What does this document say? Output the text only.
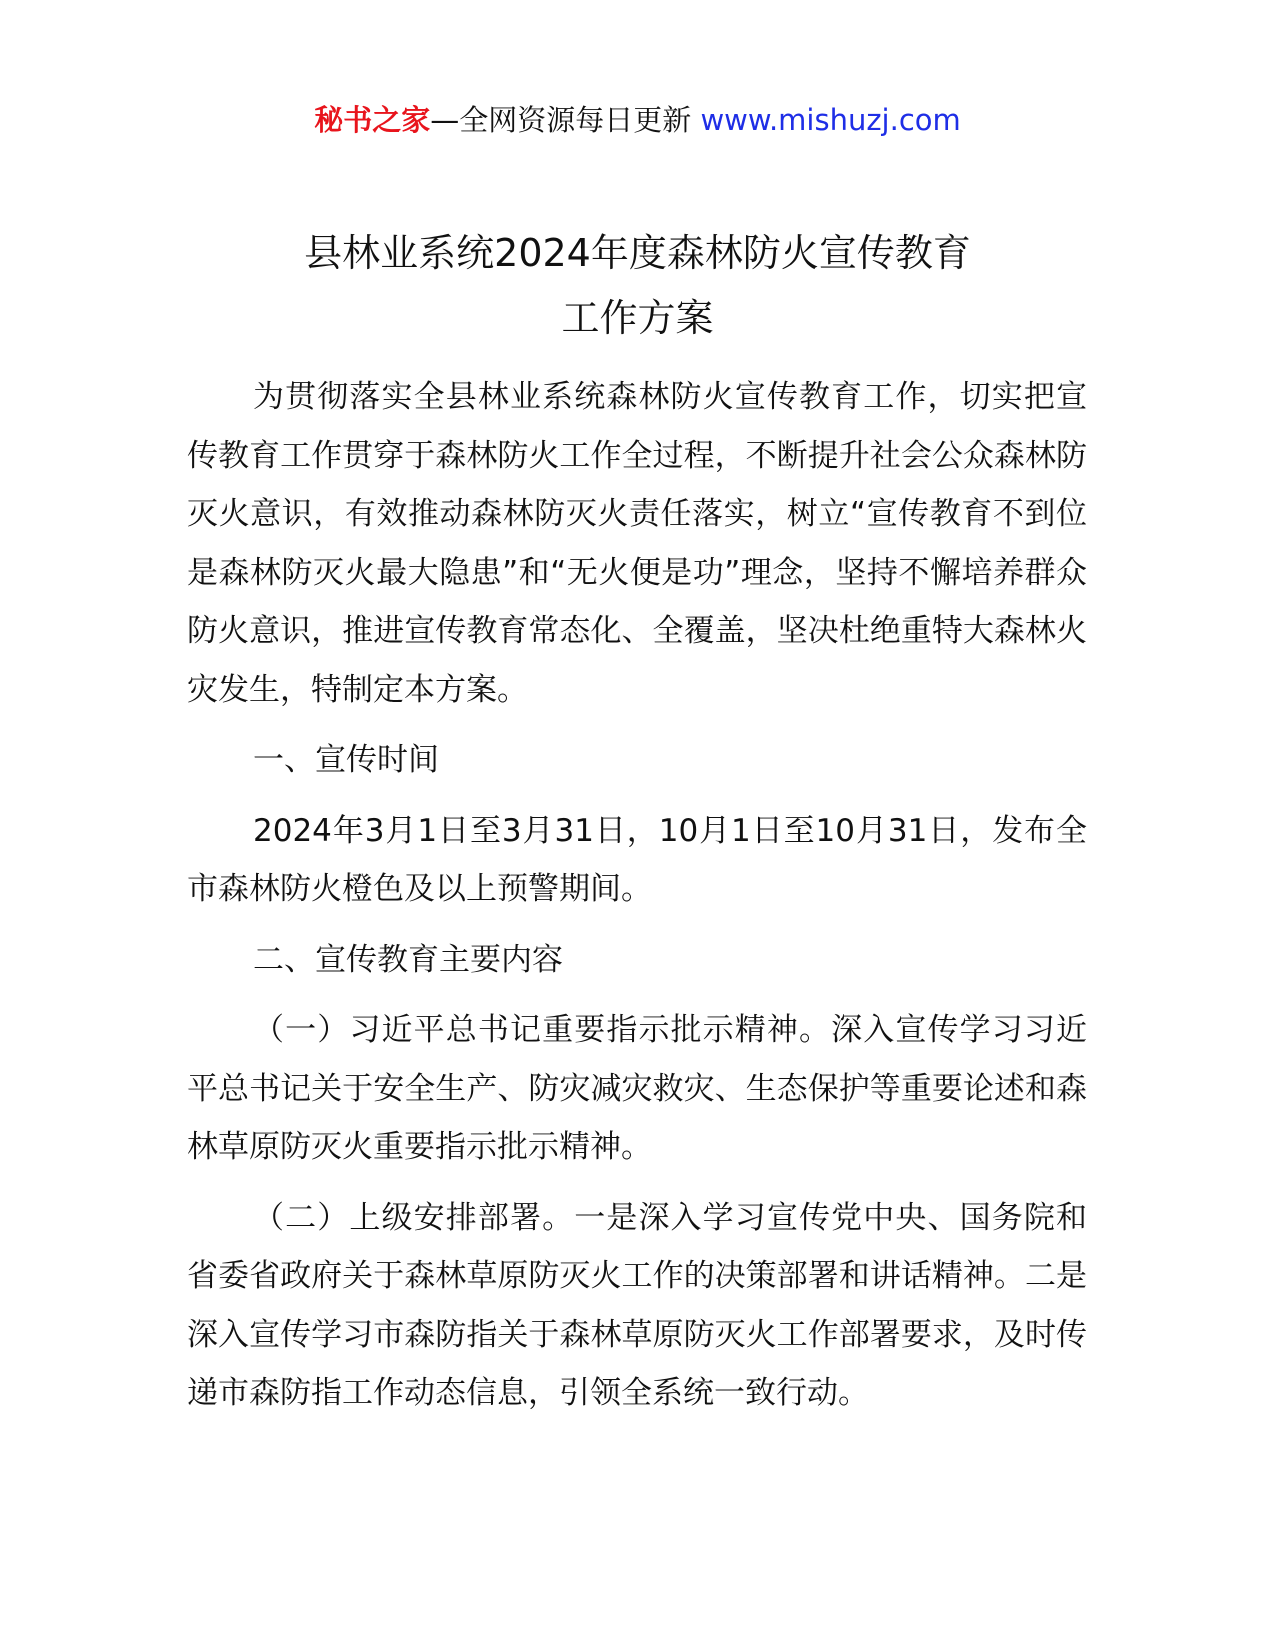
秘书之家—全网资源每日更新 www.mishuzj.com
县林业系统2024年度森林防火宣传教育
工作方案

为贯彻落实全县林业系统森林防火宣传教育工作，切实把宣传教育工作贯穿于森林防火工作全过程，不断提升社会公众森林防灭火意识，有效推动森林防灭火责任落实，树立“宣传教育不到位是森林防灭火最大隐患”和“无火便是功”理念，坚持不懈培养群众防火意识，推进宣传教育常态化、全覆盖，坚决杜绝重特大森林火灾发生，特制定本方案。

一、宣传时间

2024年3月1日至3月31日，10月1日至10月31日，发布全市森林防火橙色及以上预警期间。

二、宣传教育主要内容

（一）习近平总书记重要指示批示精神。深入宣传学习习近平总书记关于安全生产、防灾减灾救灾、生态保护等重要论述和森林草原防灭火重要指示批示精神。

（二）上级安排部署。一是深入学习宣传党中央、国务院和省委省政府关于森林草原防灭火工作的决策部署和讲话精神。二是深入宣传学习市森防指关于森林草原防灭火工作部署要求，及时传递市森防指工作动态信息，引领全系统一致行动。
